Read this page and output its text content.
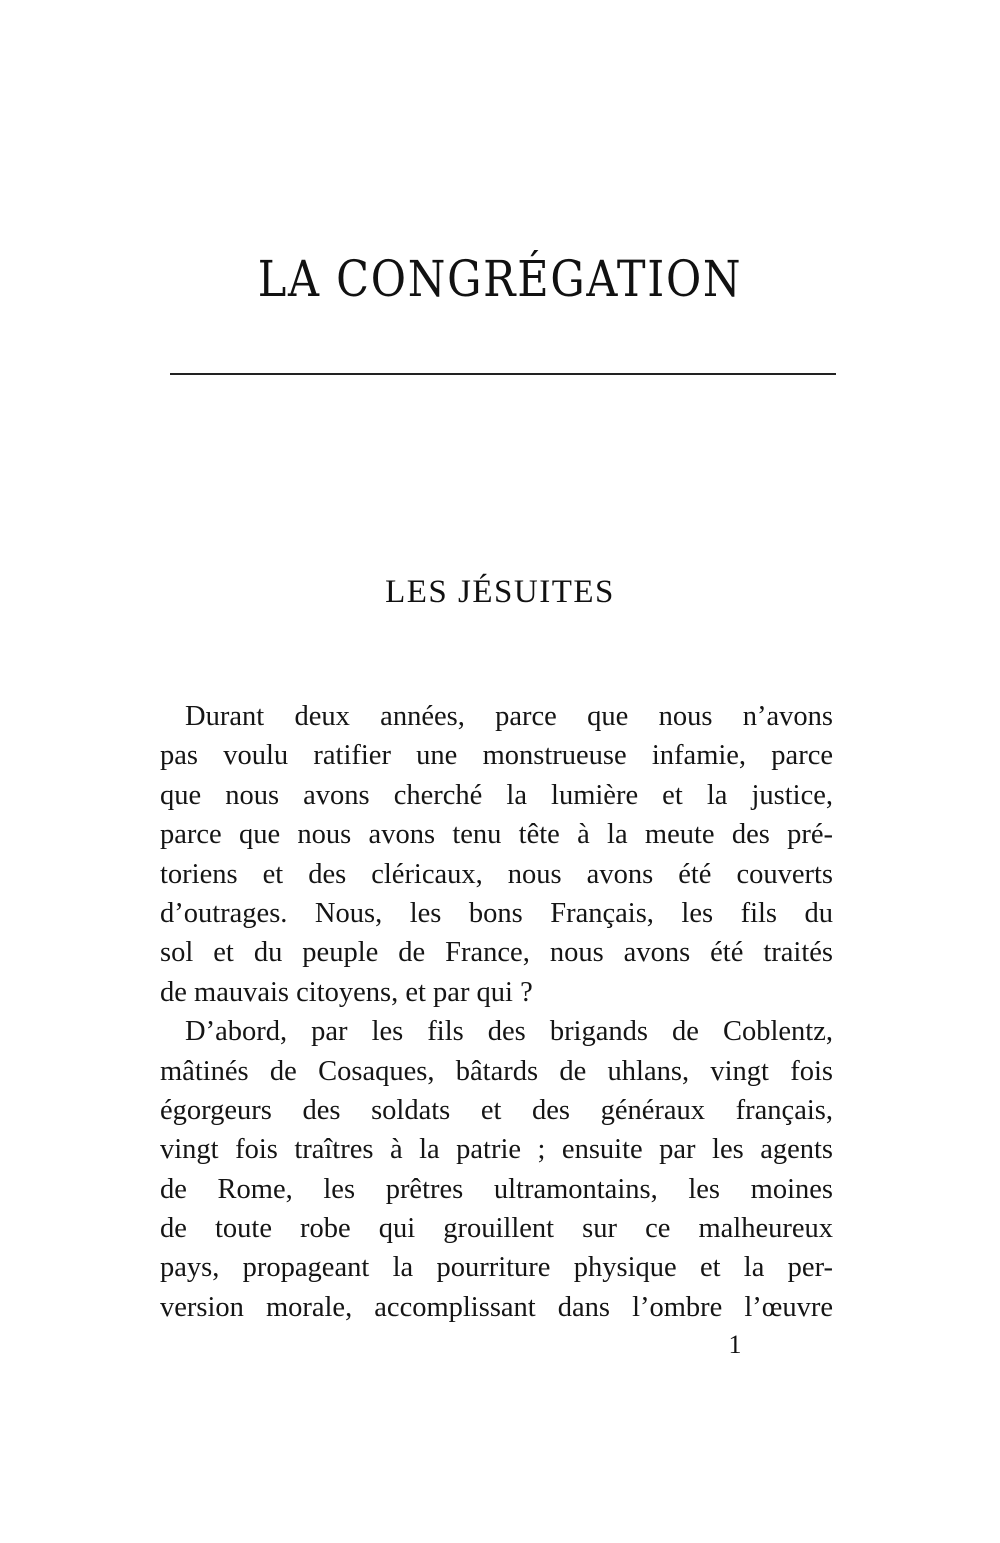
LA CONGRÉGATION
LES JÉSUITES
Durant deux années, parce que nous n’avons
pas voulu ratifier une monstrueuse infamie, parce
que nous avons cherché la lumière et la justice,
parce que nous avons tenu tête à la meute des pré-
toriens et des cléricaux, nous avons été couverts
d’outrages. Nous, les bons Français, les fils du
sol et du peuple de France, nous avons été traités
de mauvais citoyens, et par qui ?
D’abord, par les fils des brigands de Coblentz,
mâtinés de Cosaques, bâtards de uhlans, vingt fois
égorgeurs des soldats et des généraux français,
vingt fois traîtres à la patrie ; ensuite par les agents
de Rome, les prêtres ultramontains, les moines
de toute robe qui grouillent sur ce malheureux
pays, propageant la pourriture physique et la per-
version morale, accomplissant dans l’ombre l’œuvre
1
